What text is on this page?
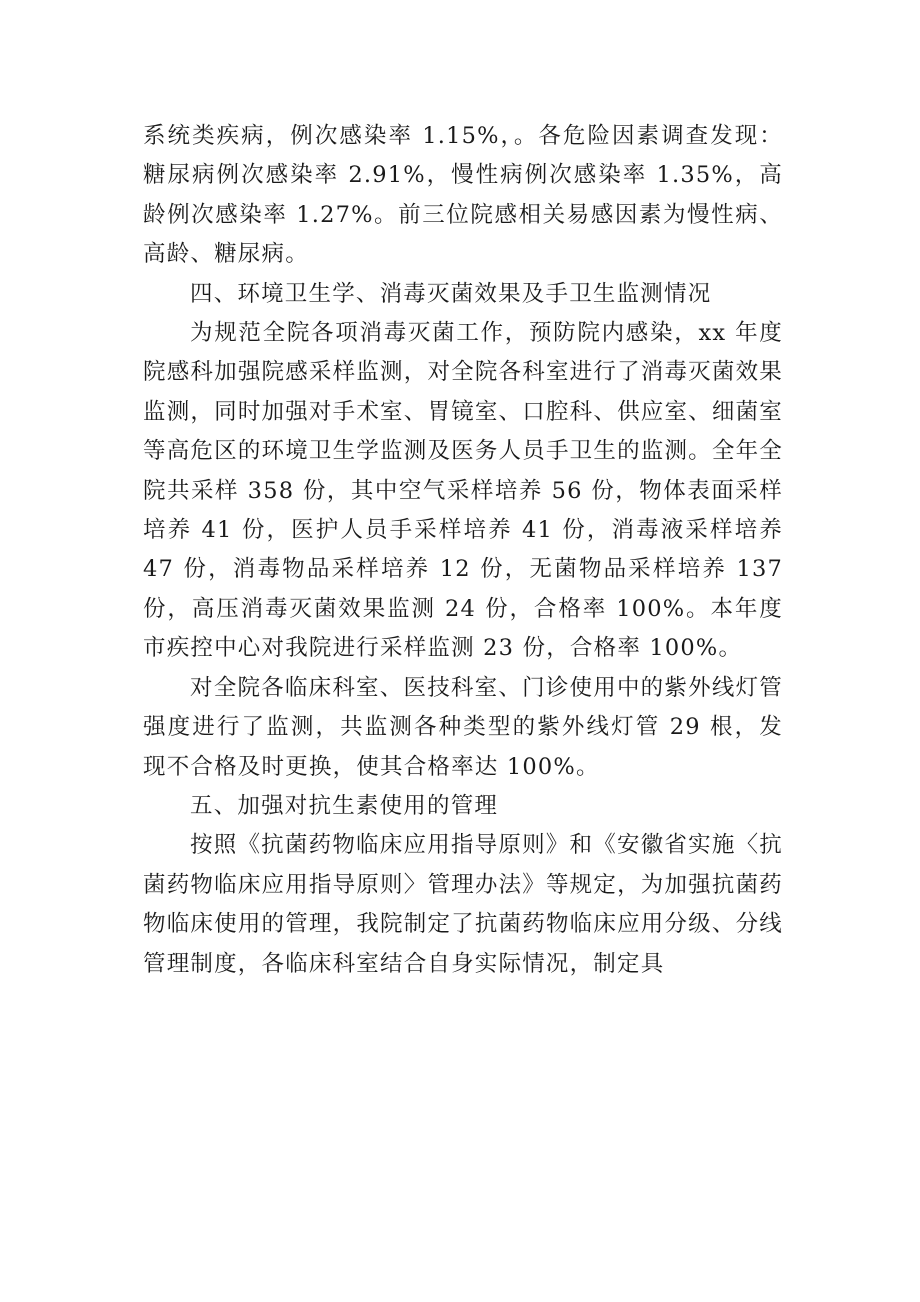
系统类疾病，例次感染率 1.15%，。各危险因素调查发现：糖尿病例次感染率 2.91%，慢性病例次感染率 1.35%，高龄例次感染率 1.27%。前三位院感相关易感因素为慢性病、高龄、糖尿病。

四、环境卫生学、消毒灭菌效果及手卫生监测情况

为规范全院各项消毒灭菌工作，预防院内感染，xx 年度院感科加强院感采样监测，对全院各科室进行了消毒灭菌效果监测，同时加强对手术室、胃镜室、口腔科、供应室、细菌室等高危区的环境卫生学监测及医务人员手卫生的监测。全年全院共采样 358 份，其中空气采样培养 56 份，物体表面采样培养 41 份，医护人员手采样培养 41 份，消毒液采样培养 47 份，消毒物品采样培养 12 份，无菌物品采样培养 137 份，高压消毒灭菌效果监测 24 份，合格率 100%。本年度市疾控中心对我院进行采样监测 23 份，合格率 100%。

对全院各临床科室、医技科室、门诊使用中的紫外线灯管强度进行了监测，共监测各种类型的紫外线灯管 29 根，发现不合格及时更换，使其合格率达 100%。

五、加强对抗生素使用的管理

按照《抗菌药物临床应用指导原则》和《安徽省实施〈抗菌药物临床应用指导原则〉管理办法》等规定，为加强抗菌药物临床使用的管理，我院制定了抗菌药物临床应用分级、分线管理制度，各临床科室结合自身实际情况，制定具
